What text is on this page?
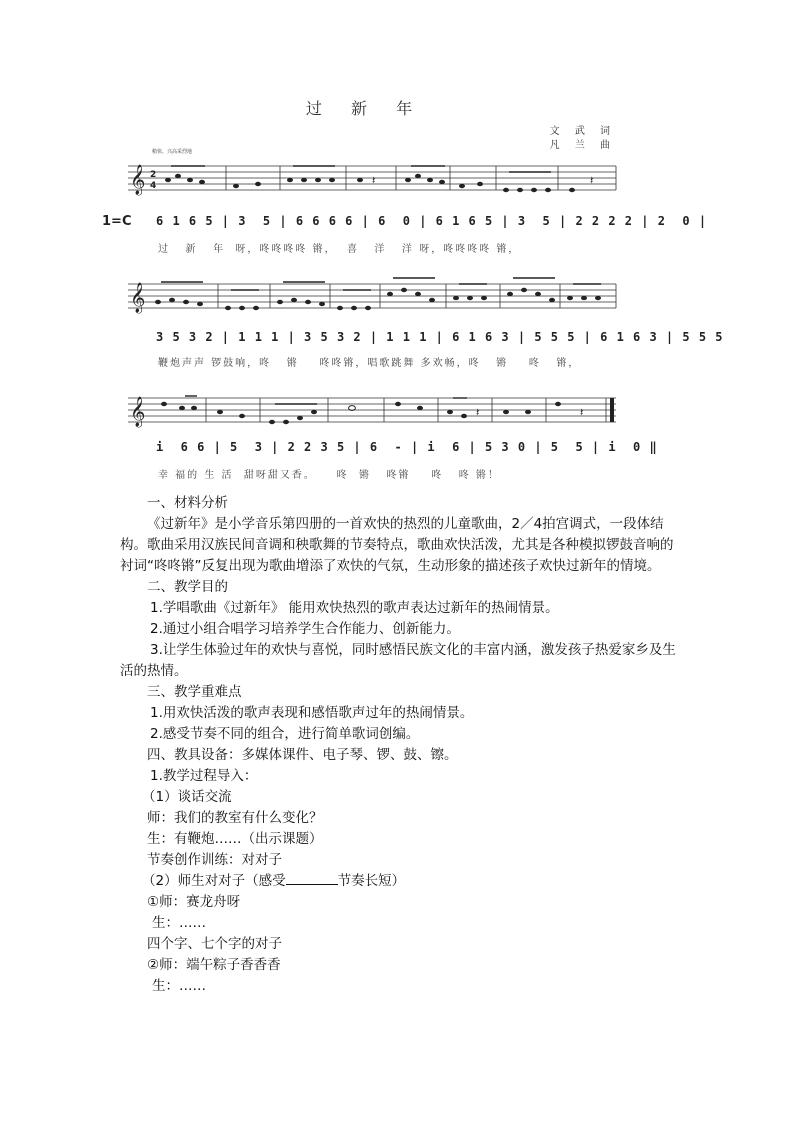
过 新 年
文 武 词
凡 兰 曲
稍快、兴高采烈地
𝄞 2
4	𝄽	𝄽
1=C 6 1 6 5 | 3  5 | 6 6 6 6 | 6  0 | 6 1 6 5 | 3  5 | 2 2 2 2 | 2  0 |
过   新   年  呀，咚咚咚咚 锵，  喜   洋   洋 呀，咚咚咚咚 锵，
𝄞
3 5 3 2 | 1 1 1 | 3 5 3 2 | 1 1 1 | 6 1 6 3 | 5 5 5 | 6 1 6 3 | 5 5 5
鞭炮声声 锣鼓响，咚   锵    咚咚锵，唱歌跳舞 多欢畅，咚   锵    咚   锵，
𝄞	𝄽	𝄽
i  6 6 | 5  3 | 2 2 3 5 | 6  - | i  6 | 5 3 0 | 5  5 | i  0 ‖
幸 福的 生 活  甜呀甜又香。    咚  锵   咚锵    咚   咚 锵！

一、材料分析

《过新年》是小学音乐第四册的一首欢快的热烈的儿童歌曲，2／4拍宫调式，一段体结构。歌曲采用汉族民间音调和秧歌舞的节奏特点，歌曲欢快活泼，尤其是各种模拟锣鼓音响的衬词“咚咚锵”反复出现为歌曲增添了欢快的气氛，生动形象的描述孩子欢快过新年的情境。

二、教学目的

1.学唱歌曲《过新年》 能用欢快热烈的歌声表达过新年的热闹情景。

2.通过小组合唱学习培养学生合作能力、创新能力。

3.让学生体验过年的欢快与喜悦，同时感悟民族文化的丰富内涵，激发孩子热爱家乡及生活的热情。

三、教学重难点

1.用欢快活泼的歌声表现和感悟歌声过年的热闹情景。

2.感受节奏不同的组合，进行简单歌词创编。

四、教具设备：多媒体课件、电子琴、锣、鼓、镲。

1.教学过程导入：

（1）谈话交流

师：我们的教室有什么变化？

生：有鞭炮……（出示课题）

节奏创作训练：对对子

（2）师生对对子（感受	节奏长短）

①师：赛龙舟呀

生：……

四个字、七个字的对子

②师：端午粽子香香香

生：……
